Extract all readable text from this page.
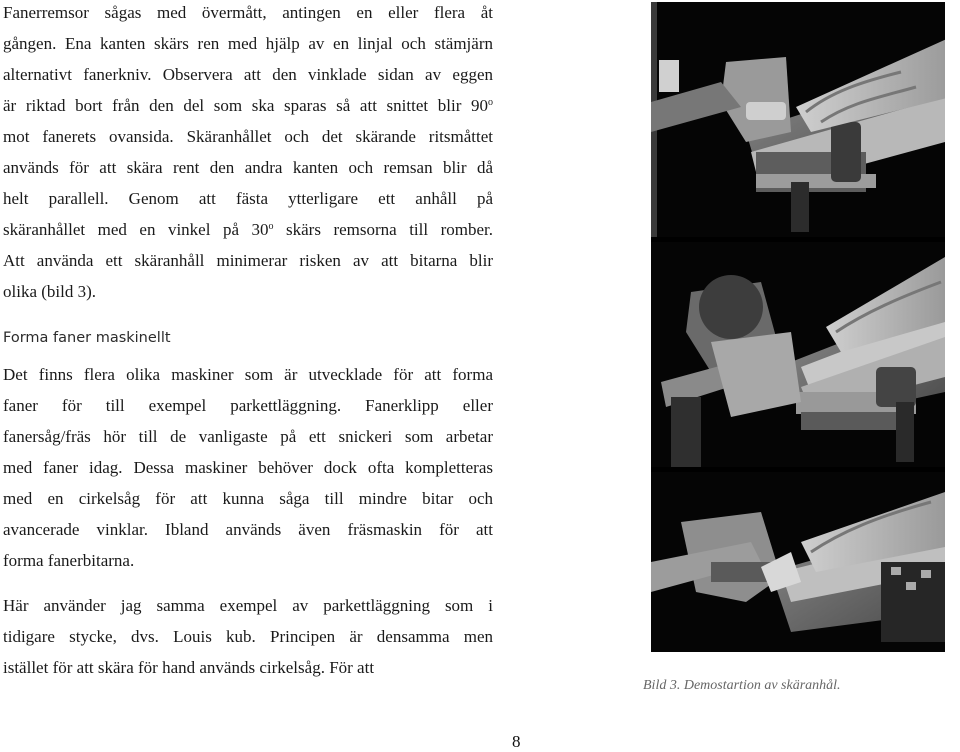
Fanerremsor sågas med övermått, antingen en eller flera åt
gången. Ena kanten skärs ren med hjälp av en linjal och stämjärn
alternativt fanerkniv. Observera att den vinklade sidan av eggen
är riktad bort från den del som ska sparas så att snittet blir 90$^o$
mot fanerets ovansida. Skäranhållet och det skärande ritsmåttet
används för att skära rent den andra kanten och remsan blir då
helt parallell. Genom att fästa ytterligare ett anhåll på
skäranhållet med en vinkel på 30$^o$ skärs remsorna till romber.
Att använda ett skäranhåll minimerar risken av att bitarna blir
olika (bild 3).
Forma faner maskinellt
Det finns flera olika maskiner som är utvecklade för att forma
faner för till exempel parkettläggning. Fanerklipp eller
fanersåg/fräs hör till de vanligaste på ett snickeri som arbetar
med faner idag. Dessa maskiner behöver dock ofta kompletteras
med en cirkelsåg för att kunna såga till mindre bitar och
avancerade vinklar. Ibland används även fräsmaskin för att
forma fanerbitarna.
Här använder jag samma exempel av parkettläggning som i
tidigare stycke, dvs. Louis kub. Principen är densamma men
istället för att skära för hand används cirkelsåg. För att
Bild 3. Demostartion av skäranhål.
8
